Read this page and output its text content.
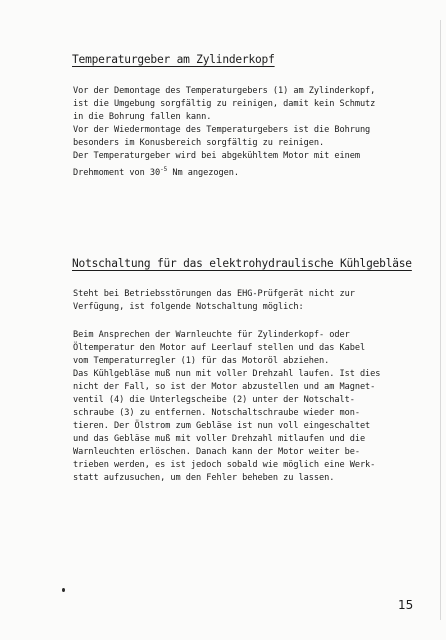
Temperaturgeber am Zylinderkopf

Vor der Demontage des Temperaturgebers (1) am Zylinderkopf,

ist die Umgebung sorgfältig zu reinigen, damit kein Schmutz

in die Bohrung fallen kann.

Vor der Wiedermontage des Temperaturgebers ist die Bohrung

besonders im Konusbereich sorgfältig zu reinigen.

Der Temperaturgeber wird bei abgekühltem Motor mit einem

Drehmoment von $30^{-5}$ Nm angezogen.

Notschaltung für das elektrohydraulische Kühlgebläse

Steht bei Betriebsstörungen das EHG-Prüfgerät nicht zur

Verfügung, ist folgende Notschaltung möglich:

Beim Ansprechen der Warnleuchte für Zylinderkopf- oder

Öltemperatur den Motor auf Leerlauf stellen und das Kabel

vom Temperaturregler (1) für das Motoröl abziehen.

Das Kühlgebläse muß nun mit voller Drehzahl laufen. Ist dies

nicht der Fall, so ist der Motor abzustellen und am Magnet-

ventil (4) die Unterlegscheibe (2) unter der Notschalt-

schraube (3) zu entfernen. Notschaltschraube wieder mon-

tieren. Der Ölstrom zum Gebläse ist nun voll eingeschaltet

und das Gebläse muß mit voller Drehzahl mitlaufen und die

Warnleuchten erlöschen. Danach kann der Motor weiter be-

trieben werden, es ist jedoch sobald wie möglich eine Werk-

statt aufzusuchen, um den Fehler beheben zu lassen.

15
